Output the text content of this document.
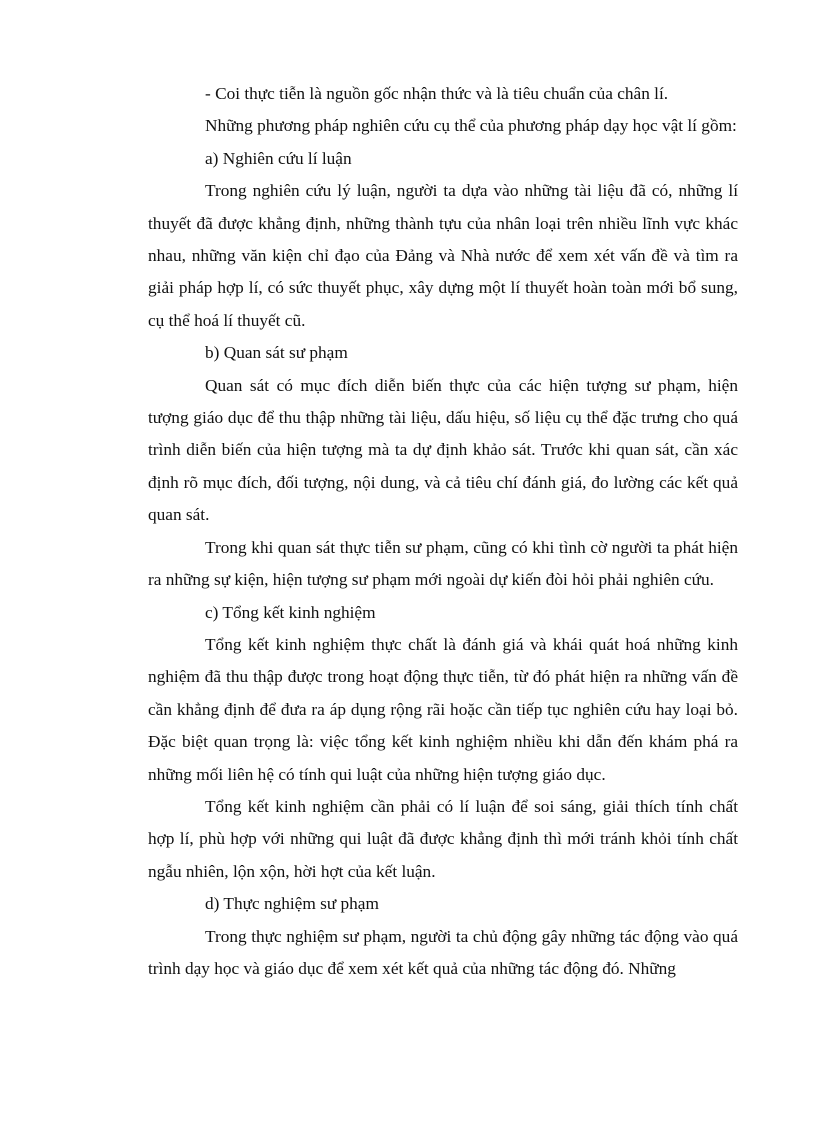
- Coi thực tiễn là nguồn gốc nhận thức và là tiêu chuẩn của chân lí.

Những phương pháp nghiên cứu cụ thể của phương pháp dạy học vật lí gồm:

a) Nghiên cứu lí luận

Trong nghiên cứu lý luận, người ta dựa vào những tài liệu đã có, những lí thuyết đã được khẳng định, những thành tựu của nhân loại trên nhiều lĩnh vực khác nhau, những văn kiện chỉ đạo của Đảng và Nhà nước để xem xét vấn đề và tìm ra giải pháp hợp lí, có sức thuyết phục, xây dựng một lí thuyết hoàn toàn mới bổ sung, cụ thể hoá lí thuyết cũ.

b) Quan sát sư phạm

Quan sát có mục đích diễn biến thực của các hiện tượng sư phạm, hiện tượng giáo dục để thu thập những tài liệu, dấu hiệu, số liệu cụ thể đặc trưng cho quá trình diễn biến của hiện tượng mà ta dự định khảo sát. Trước khi quan sát, cần xác định rõ mục đích, đối tượng, nội dung, và cả tiêu chí đánh giá, đo lường các kết quả quan sát.

Trong khi quan sát thực tiễn sư phạm, cũng có khi tình cờ người ta phát hiện ra những sự kiện, hiện tượng sư phạm mới ngoài dự kiến đòi hỏi phải nghiên cứu.

c) Tổng kết kinh nghiệm

Tổng kết kinh nghiệm thực chất là đánh giá và khái quát hoá những kinh nghiệm đã thu thập được trong hoạt động thực tiễn, từ đó phát hiện ra những vấn đề cần khẳng định để đưa ra áp dụng rộng rãi hoặc cần tiếp tục nghiên cứu hay loại bỏ. Đặc biệt quan trọng là: việc tổng kết kinh nghiệm nhiều khi dẫn đến khám phá ra những mối liên hệ có tính qui luật của những hiện tượng giáo dục.

Tổng kết kinh nghiệm cần phải có lí luận để soi sáng, giải thích tính chất hợp lí, phù hợp với những qui luật đã được khẳng định thì mới tránh khỏi tính chất ngẫu nhiên, lộn xộn, hời hợt của kết luận.

d) Thực nghiệm sư phạm

Trong thực nghiệm sư phạm, người ta chủ động gây những tác động vào quá trình dạy học và giáo dục để xem xét kết quả của những tác động đó. Những
